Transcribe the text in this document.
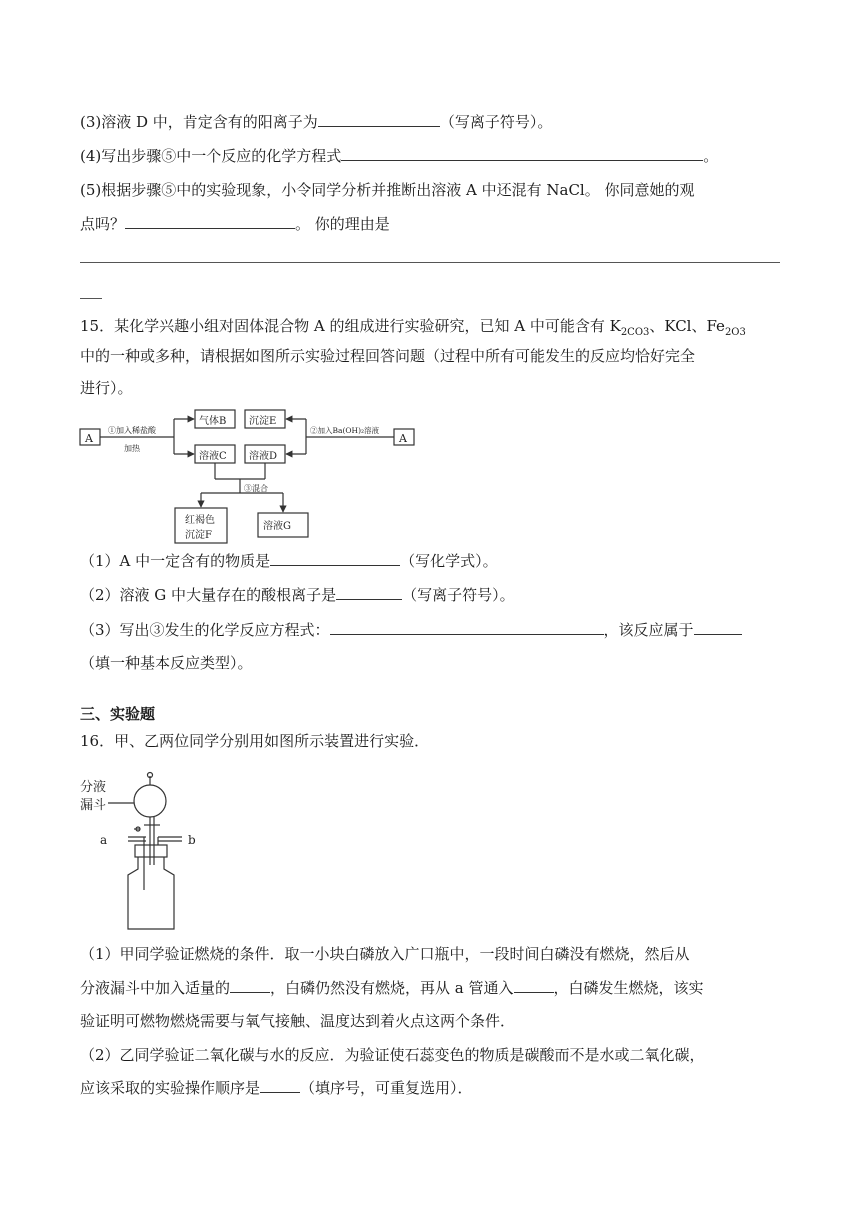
(3)溶液 D 中，肯定含有的阳离子为	（写离子符号）。
(4)写出步骤⑤中一个反应的化学方程式	。
(5)根据步骤⑤中的实验现象，小令同学分析并推断出溶液 A 中还混有 NaCl。 你同意她的观
点吗？	。 你的理由是
15．某化学兴趣小组对固体混合物 A 的组成进行实验研究，已知 A 中可能含有 $K_{2CO3}$、KCl、$Fe_{2O3}$
中的一种或多种，请根据如图所示实验过程回答问题（过程中所有可能发生的反应均恰好完全
进行）。
A	A
①加入稀盐酸
加热
②加入Ba(OH)₂溶液
气体B 沉淀E
溶液C 溶液D
③混合
红褐色
沉淀F
溶液G
（1）A 中一定含有的物质是	（写化学式）。
（2）溶液 G 中大量存在的酸根离子是	（写离子符号）。
（3）写出③发生的化学反应方程式：	，该反应属于
（填一种基本反应类型）。
三、实验题
16．甲、乙两位同学分别用如图所示装置进行实验．
分液
漏斗
a	b
（1）甲同学验证燃烧的条件．取一小块白磷放入广口瓶中，一段时间白磷没有燃烧，然后从
分液漏斗中加入适量的	，白磷仍然没有燃烧，再从 a 管通入	，白磷发生燃烧，该实
验证明可燃物燃烧需要与氧气接触、温度达到着火点这两个条件．
（2）乙同学验证二氧化碳与水的反应．为验证使石蕊变色的物质是碳酸而不是水或二氧化碳，
应该采取的实验操作顺序是	（填序号，可重复选用）．
